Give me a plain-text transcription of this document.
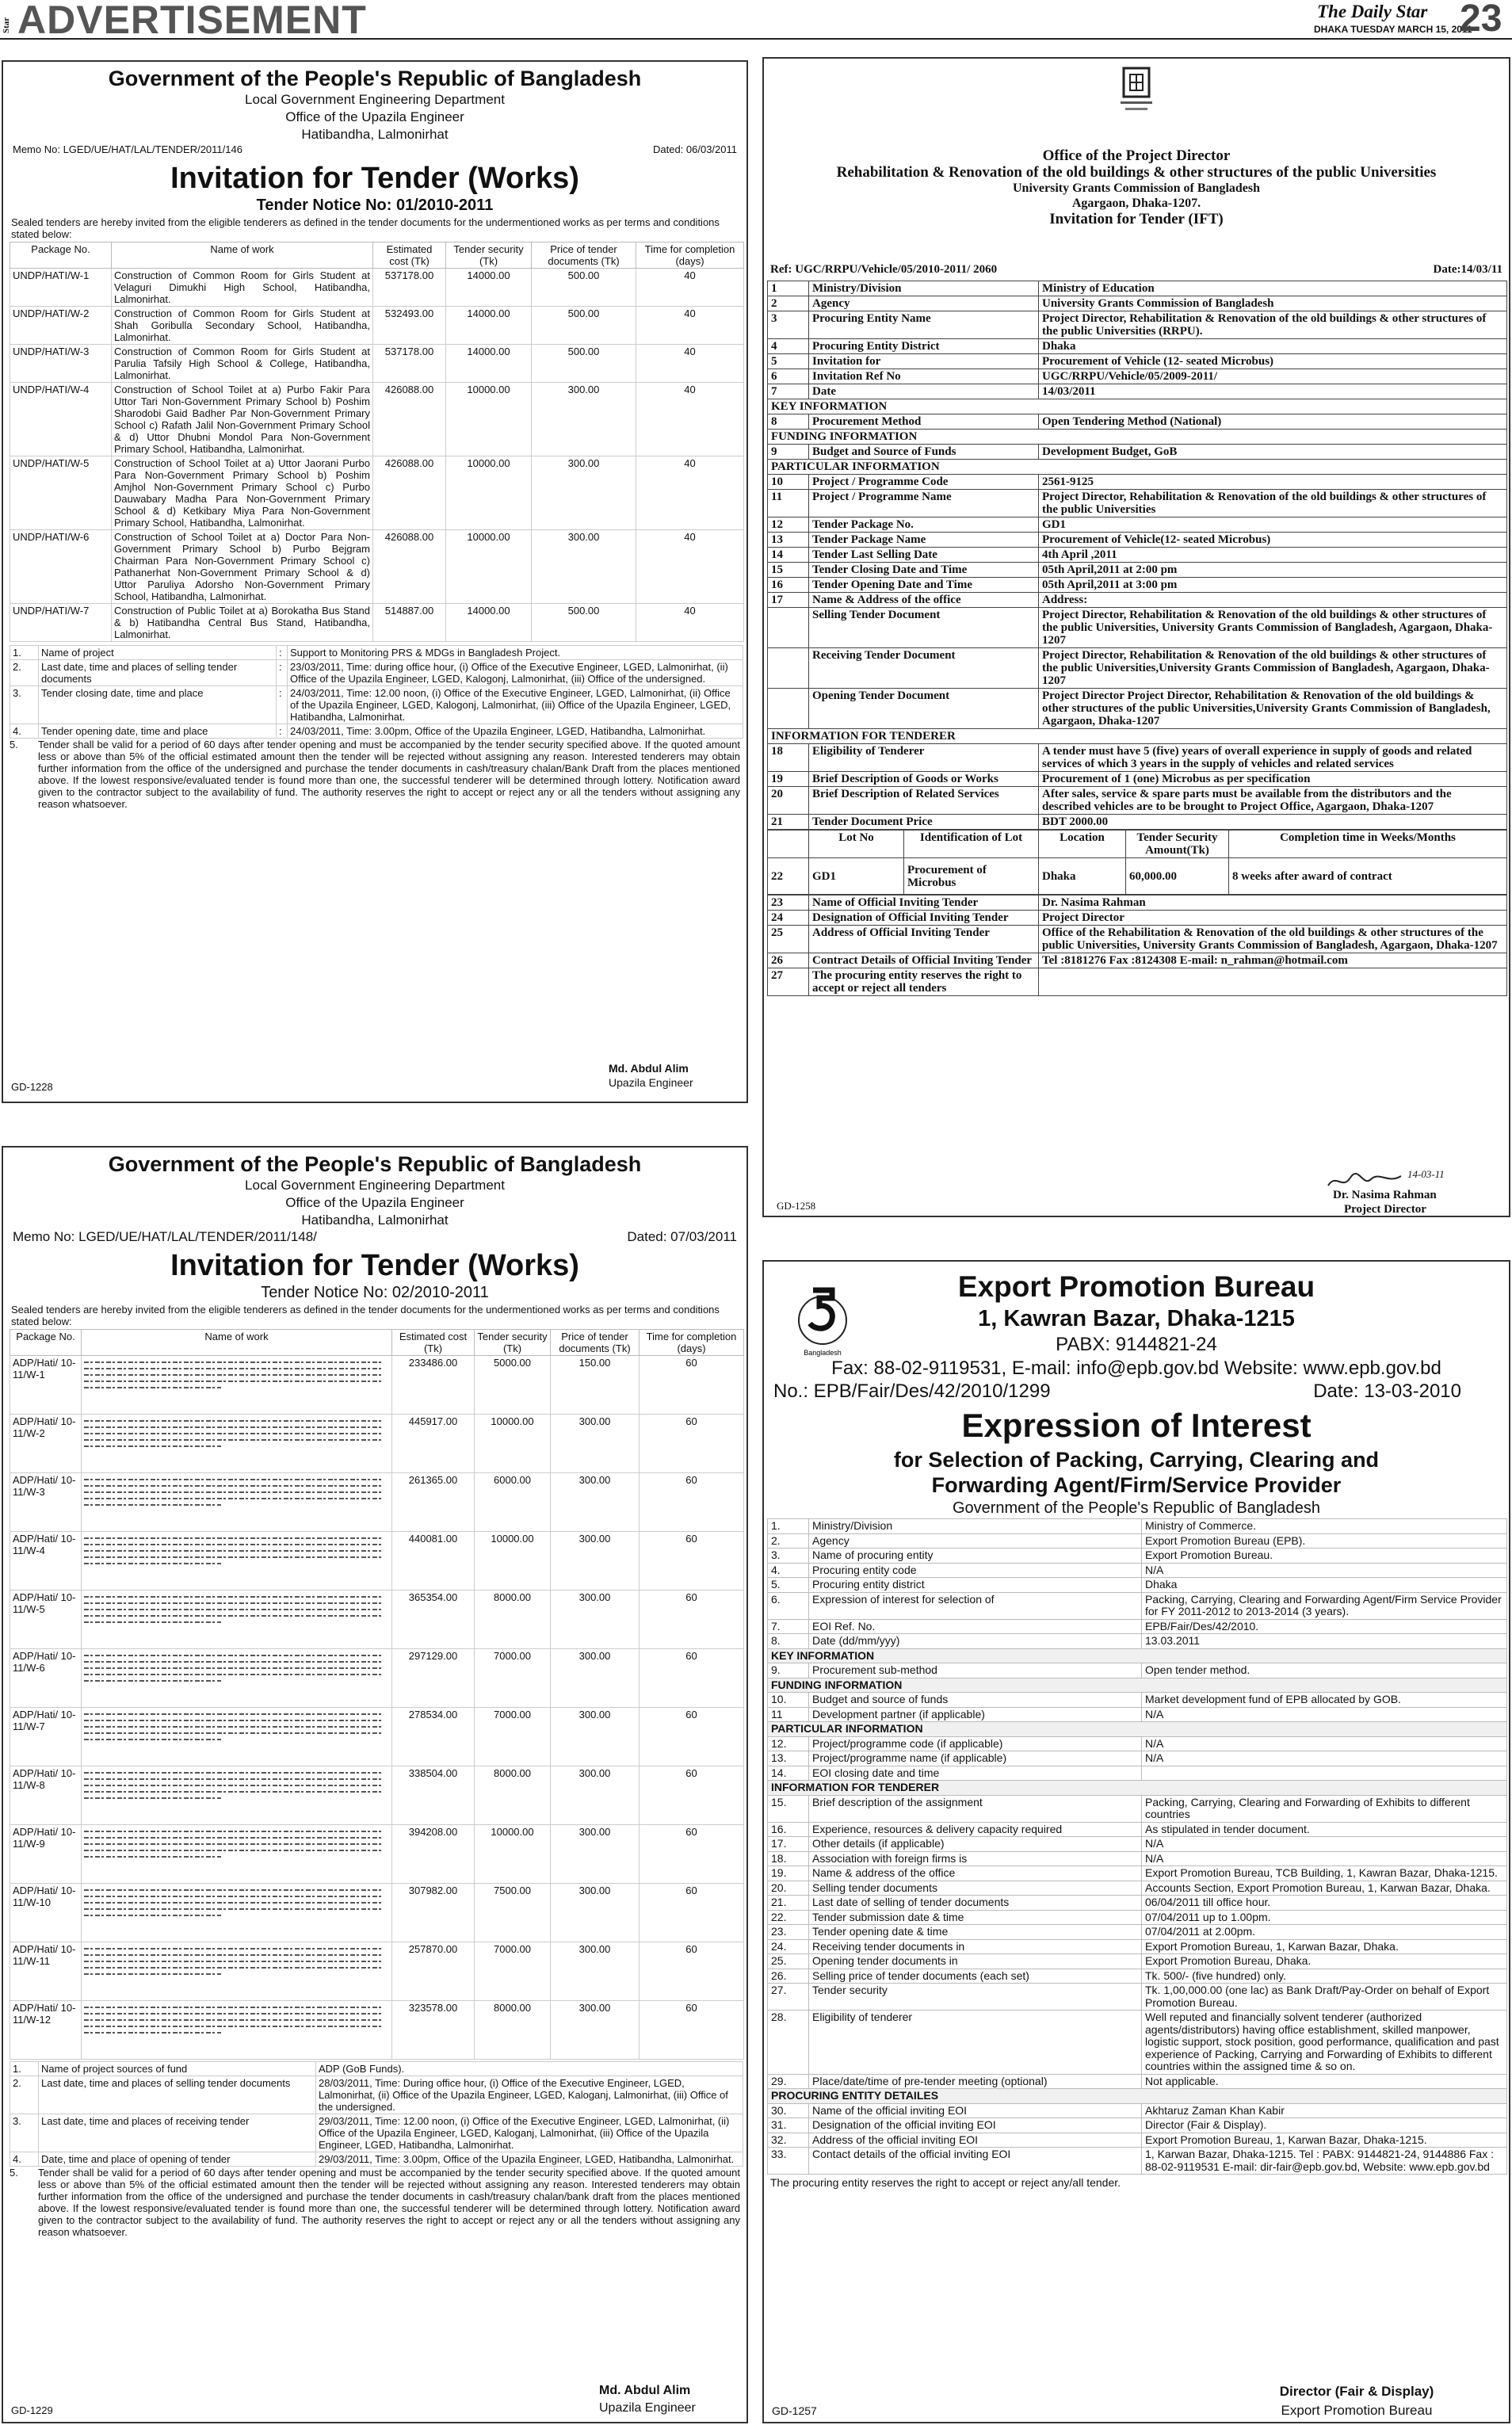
Star ADVERTISEMENT	The Daily Star
DHAKA TUESDAY MARCH 15, 2011
23
Government of the People's Republic of Bangladesh
Local Government Engineering Department
Office of the Upazila Engineer
Hatibandha, Lalmonirhat
Memo No: LGED/UE/HAT/LAL/TENDER/2011/146	Dated: 06/03/2011
Invitation for Tender (Works)
Tender Notice No: 01/2010-2011
Sealed tenders are hereby invited from the eligible tenderers as defined in the tender documents for the undermentioned works as per terms and conditions stated below:
Package No.	Name of work	Estimated cost (Tk)	Tender security (Tk)	Price of tender documents (Tk)	Time for completion (days)
UNDP/HATI/W-1	Construction of Common Room for Girls Student at Velaguri Dimukhi High School, Hatibandha, Lalmonirhat.	537178.00	14000.00	500.00	40
UNDP/HATI/W-2	Construction of Common Room for Girls Student at Shah Goribulla Secondary School, Hatibandha, Lalmonirhat.	532493.00	14000.00	500.00	40
UNDP/HATI/W-3	Construction of Common Room for Girls Student at Parulia Tafsily High School & College, Hatibandha, Lalmonirhat.	537178.00	14000.00	500.00	40
UNDP/HATI/W-4	Construction of School Toilet at a) Purbo Fakir Para Uttor Tari Non-Government Primary School b) Poshim Sharodobi Gaid Badher Par Non-Government Primary School c) Rafath Jalil Non-Government Primary School & d) Uttor Dhubni Mondol Para Non-Government Primary School, Hatibandha, Lalmonirhat.	426088.00	10000.00	300.00	40
UNDP/HATI/W-5	Construction of School Toilet at a) Uttor Jaorani Purbo Para Non-Government Primary School b) Poshim Amjhol Non-Government Primary School c) Purbo Dauwabary Madha Para Non-Government Primary School & d) Ketkibary Miya Para Non-Government Primary School, Hatibandha, Lalmonirhat.	426088.00	10000.00	300.00	40
UNDP/HATI/W-6	Construction of School Toilet at a) Doctor Para Non-Government Primary School b) Purbo Bejgram Chairman Para Non-Government Primary School c) Pathanerhat Non-Government Primary School & d) Uttor Paruliya Adorsho Non-Government Primary School, Hatibandha, Lalmonirhat.	426088.00	10000.00	300.00	40
UNDP/HATI/W-7	Construction of Public Toilet at a) Borokatha Bus Stand & b) Hatibandha Central Bus Stand, Hatibandha, Lalmonirhat.	514887.00	14000.00	500.00	40
1.	Name of project	:	Support to Monitoring PRS & MDGs in Bangladesh Project.
2.	Last date, time and places of selling tender documents	:	23/03/2011, Time: during office hour, (i) Office of the Executive Engineer, LGED, Lalmonirhat, (ii) Office of the Upazila Engineer, LGED, Kalogonj, Lalmonirhat, (iii) Office of the undersigned.
3.	Tender closing date, time and place	:	24/03/2011, Time: 12.00 noon, (i) Office of the Executive Engineer, LGED, Lalmonirhat, (ii) Office of the Upazila Engineer, LGED, Kalogonj, Lalmonirhat, (iii) Office of the Upazila Engineer, LGED, Hatibandha, Lalmonirhat.
4.	Tender opening date, time and place	:	24/03/2011, Time: 3.00pm, Office of the Upazila Engineer, LGED, Hatibandha, Lalmonirhat.
5.	Tender shall be valid for a period of 60 days after tender opening and must be accompanied by the tender security specified above. If the quoted amount less or above than 5% of the official estimated amount then the tender will be rejected without assigning any reason. Interested tenderers may obtain further information from the office of the undersigned and purchase the tender documents in cash/treasury chalan/Bank Draft from the places mentioned above. If the lowest responsive/evaluated tender is found more than one, the successful tenderer will be determined through lottery. Notification award given to the contractor subject to the availability of fund. The authority reserves the right to accept or reject any or all the tenders without assigning any reason whatsoever.
Md. Abdul Alim
Upazila Engineer
GD-1228
Government of the People's Republic of Bangladesh
Local Government Engineering Department
Office of the Upazila Engineer
Hatibandha, Lalmonirhat
Memo No: LGED/UE/HAT/LAL/TENDER/2011/148/	Dated: 07/03/2011
Invitation for Tender (Works)
Tender Notice No: 02/2010-2011
Sealed tenders are hereby invited from the eligible tenderers as defined in the tender documents for the undermentioned works as per terms and conditions stated below:
Package No.	Name of work	Estimated cost (Tk)	Tender security (Tk)	Price of tender documents (Tk)	Time for completion (days)
ADP/Hati/ 10-11/W-1		233486.00	5000.00	150.00	60
ADP/Hati/ 10-11/W-2		445917.00	10000.00	300.00	60
ADP/Hati/ 10-11/W-3		261365.00	6000.00	300.00	60
ADP/Hati/ 10-11/W-4		440081.00	10000.00	300.00	60
ADP/Hati/ 10-11/W-5		365354.00	8000.00	300.00	60
ADP/Hati/ 10-11/W-6		297129.00	7000.00	300.00	60
ADP/Hati/ 10-11/W-7		278534.00	7000.00	300.00	60
ADP/Hati/ 10-11/W-8		338504.00	8000.00	300.00	60
ADP/Hati/ 10-11/W-9		394208.00	10000.00	300.00	60
ADP/Hati/ 10-11/W-10		307982.00	7500.00	300.00	60
ADP/Hati/ 10-11/W-11		257870.00	7000.00	300.00	60
ADP/Hati/ 10-11/W-12		323578.00	8000.00	300.00	60
1.	Name of project sources of fund	ADP (GoB Funds).
2.	Last date, time and places of selling tender documents	28/03/2011, Time: During office hour, (i) Office of the Executive Engineer, LGED, Lalmonirhat, (ii) Office of the Upazila Engineer, LGED, Kaloganj, Lalmonirhat, (iii) Office of the undersigned.
3.	Last date, time and places of receiving tender	29/03/2011, Time: 12.00 noon, (i) Office of the Executive Engineer, LGED, Lalmonirhat, (ii) Office of the Upazila Engineer, LGED, Kaloganj, Lalmonirhat, (iii) Office of the Upazila Engineer, LGED, Hatibandha, Lalmonirhat.
4.	Date, time and place of opening of tender	29/03/2011, Time: 3.00pm, Office of the Upazila Engineer, LGED, Hatibandha, Lalmonirhat.
5.	Tender shall be valid for a period of 60 days after tender opening and must be accompanied by the tender security specified above. If the quoted amount less or above than 5% of the official estimated amount then the tender will be rejected without assigning any reason. Interested tenderers may obtain further information from the office of the undersigned and purchase the tender documents in cash/treasury chalan/bank draft from the places mentioned above. If the lowest responsive/evaluated tender is found more than one, the successful tenderer will be determined through lottery. Notification award given to the contractor subject to the availability of fund. The authority reserves the right to accept or reject any or all the tenders without assigning any reason whatsoever.
Md. Abdul Alim
Upazila Engineer
GD-1229
Office of the Project Director
Rehabilitation & Renovation of the old buildings & other structures of the public Universities
University Grants Commission of Bangladesh
Agargaon, Dhaka-1207.
Invitation for Tender (IFT)
Ref: UGC/RRPU/Vehicle/05/2010-2011/ 2060	Date:14/03/11
1	Ministry/Division	Ministry of Education
2	Agency	University Grants Commission of Bangladesh
3	Procuring Entity Name	Project Director, Rehabilitation & Renovation of the old buildings & other structures of the public Universities (RRPU).
4	Procuring Entity District	Dhaka
5	Invitation for	Procurement of Vehicle (12- seated Microbus)
6	Invitation Ref No	UGC/RRPU/Vehicle/05/2009-2011/
7	Date	14/03/2011
KEY INFORMATION		
8	Procurement Method	Open Tendering Method (National)
FUNDING INFORMATION		
9	Budget and Source of Funds	Development Budget, GoB
PARTICULAR INFORMATION		
10	Project / Programme Code	2561-9125
11	Project / Programme Name	Project Director, Rehabilitation & Renovation of the old buildings & other structures of the public Universities
12	Tender Package No.	GD1
13	Tender Package Name	Procurement of Vehicle(12- seated Microbus)
14	Tender Last Selling Date	4th April ,2011
15	Tender Closing Date and Time	05th April,2011 at 2:00 pm
16	Tender Opening Date and Time	05th April,2011 at 3:00 pm
17	Name & Address of the office	Address:
	Selling Tender Document	Project Director, Rehabilitation & Renovation of the old buildings & other structures of the public Universities, University Grants Commission of Bangladesh, Agargaon, Dhaka-1207
	Receiving Tender Document	Project Director, Rehabilitation & Renovation of the old buildings & other structures of the public Universities,University Grants Commission of Bangladesh, Agargaon, Dhaka-1207
	Opening Tender Document	Project Director Project Director, Rehabilitation & Renovation of the old buildings & other structures of the public Universities,University Grants Commission of Bangladesh, Agargaon, Dhaka-1207
INFORMATION FOR TENDERER		
18	Eligibility of Tenderer	A tender must have 5 (five) years of overall experience in supply of goods and related services of which 3 years in the supply of vehicles and related services
19	Brief Description of Goods or Works	Procurement of 1 (one) Microbus as per specification
20	Brief Description of Related Services	After sales, service & spare parts must be available from the distributors and the described vehicles are to be brought to Project Office, Agargaon, Dhaka-1207
21	Tender Document Price	BDT 2000.00
	Lot No	Identification of Lot	Location	Tender Security Amount(Tk)	Completion time in Weeks/Months
22	GD1	Procurement of Microbus	Dhaka	60,000.00	8 weeks after award of contract
23	Name of Official Inviting Tender	Dr. Nasima Rahman
24	Designation of Official Inviting Tender	Project Director
25	Address of Official Inviting Tender	Office of the Rehabilitation & Renovation of the old buildings & other structures of the public Universities, University Grants Commission of Bangladesh, Agargaon, Dhaka-1207
26	Contract Details of Official Inviting Tender	Tel :8181276 Fax :8124308 E-mail: n_rahman@hotmail.com
27	The procuring entity reserves the right to accept or reject all tenders	
14-03-11
Dr. Nasima Rahman
Project Director
GD-1258
Bangladesh
Export Promotion Bureau
1, Kawran Bazar, Dhaka-1215
PABX: 9144821-24
Fax: 88-02-9119531, E-mail: info@epb.gov.bd Website: www.epb.gov.bd
No.: EPB/Fair/Des/42/2010/1299	Date: 13-03-2010
Expression of Interest
for Selection of Packing, Carrying, Clearing and Forwarding Agent/Firm/Service Provider
Government of the People's Republic of Bangladesh
1.	Ministry/Division	Ministry of Commerce.
2.	Agency	Export Promotion Bureau (EPB).
3.	Name of procuring entity	Export Promotion Bureau.
4.	Procuring entity code	N/A
5.	Procuring entity district	Dhaka
6.	Expression of interest for selection of	Packing, Carrying, Clearing and Forwarding Agent/Firm Service Provider for FY 2011-2012 to 2013-2014 (3 years).
7.	EOI Ref. No.	EPB/Fair/Des/42/2010.
8.	Date (dd/mm/yyy)	13.03.2011
KEY INFORMATION		
9.	Procurement sub-method	Open tender method.
FUNDING INFORMATION		
10.	Budget and source of funds	Market development fund of EPB allocated by GOB.
11	Development partner (if applicable)	N/A
PARTICULAR INFORMATION		
12.	Project/programme code (if applicable)	N/A
13.	Project/programme name (if applicable)	N/A
14.	EOI closing date and time	
INFORMATION FOR TENDERER		
15.	Brief description of the assignment	Packing, Carrying, Clearing and Forwarding of Exhibits to different countries
16.	Experience, resources & delivery capacity required	As stipulated in tender document.
17.	Other details (if applicable)	N/A
18.	Association with foreign firms is	N/A
19.	Name & address of the office	Export Promotion Bureau, TCB Building, 1, Kawran Bazar, Dhaka-1215.
20.	Selling tender documents	Accounts Section, Export Promotion Bureau, 1, Karwan Bazar, Dhaka.
21.	Last date of selling of tender documents	06/04/2011 till office hour.
22.	Tender submission date & time	07/04/2011 up to 1.00pm.
23.	Tender opening date & time	07/04/2011 at 2.00pm.
24.	Receiving tender documents in	Export Promotion Bureau, 1, Karwan Bazar, Dhaka.
25.	Opening tender documents in	Export Promotion Bureau, Dhaka.
26.	Selling price of tender documents (each set)	Tk. 500/- (five hundred) only.
27.	Tender security	Tk. 1,00,000.00 (one lac) as Bank Draft/Pay-Order on behalf of Export Promotion Bureau.
28.	Eligibility of tenderer	Well reputed and financially solvent tenderer (authorized agents/distributors) having office establishment, skilled manpower, logistic support, stock position, good performance, qualification and past experience of Packing, Carrying and Forwarding of Exhibits to different countries within the assigned time & so on.
29.	Place/date/time of pre-tender meeting (optional)	Not applicable.
PROCURING ENTITY DETAILES		
30.	Name of the official inviting EOI	Akhtaruz Zaman Khan Kabir
31.	Designation of the official inviting EOI	Director (Fair & Display).
32.	Address of the official inviting EOI	Export Promotion Bureau, 1, Karwan Bazar, Dhaka-1215.
33.	Contact details of the official inviting EOI	1, Karwan Bazar, Dhaka-1215. Tel : PABX: 9144821-24, 9144886 Fax : 88-02-9119531 E-mail: dir-fair@epb.gov.bd, Website: www.epb.gov.bd
The procuring entity reserves the right to accept or reject any/all tender.
Director (Fair & Display)
Export Promotion Bureau
GD-1257
